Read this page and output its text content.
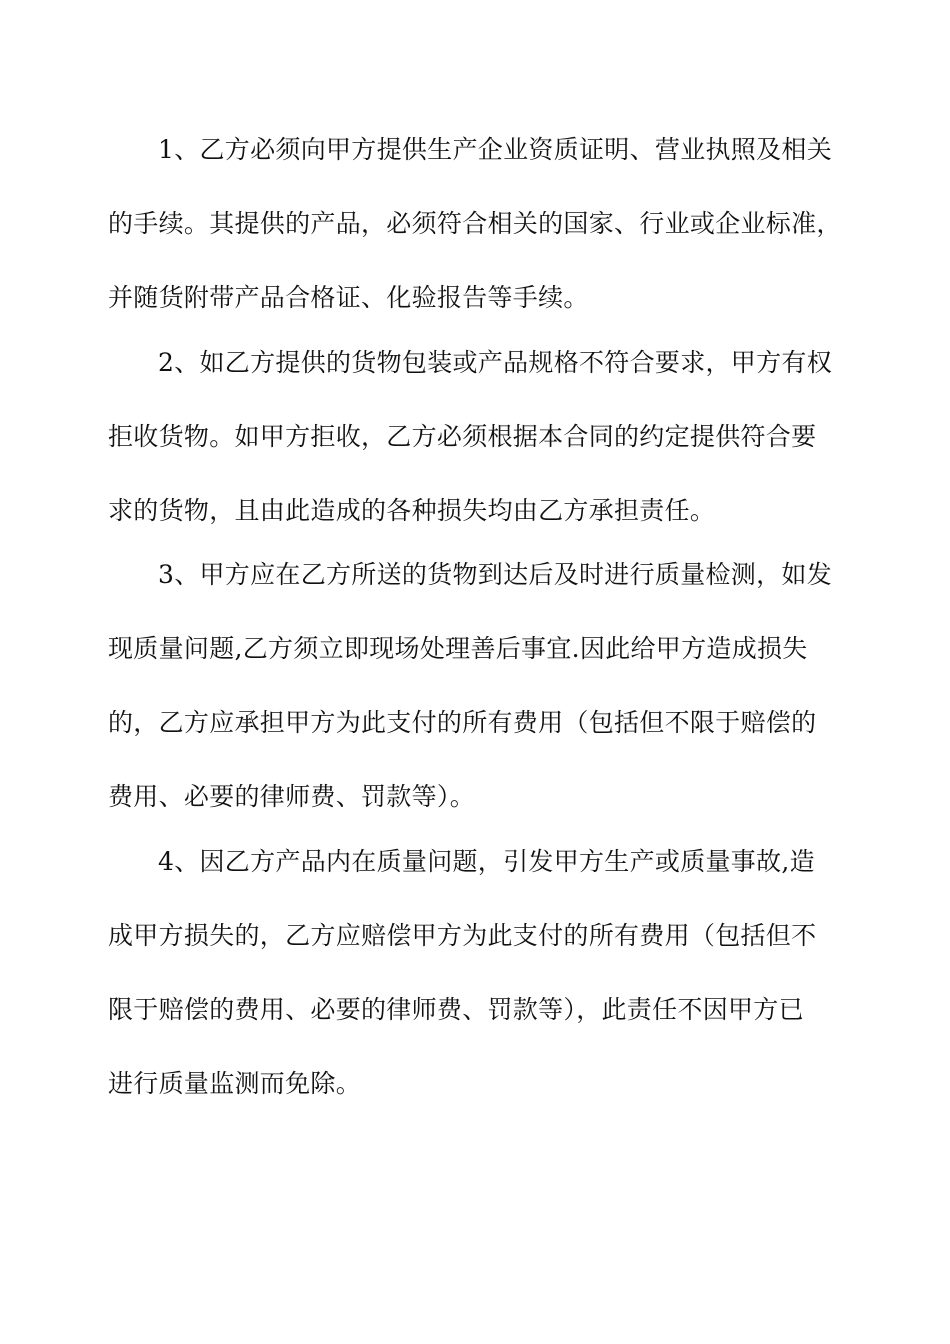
1、乙方必须向甲方提供生产企业资质证明、营业执照及相关
的手续。其提供的产品，必须符合相关的国家、行业或企业标准，
并随货附带产品合格证、化验报告等手续。
2、如乙方提供的货物包装或产品规格不符合要求，甲方有权
拒收货物。如甲方拒收，乙方必须根据本合同的约定提供符合要
求的货物，且由此造成的各种损失均由乙方承担责任。
3、甲方应在乙方所送的货物到达后及时进行质量检测，如发
现质量问题,乙方须立即现场处理善后事宜.因此给甲方造成损失
的，乙方应承担甲方为此支付的所有费用（包括但不限于赔偿的
费用、必要的律师费、罚款等）。
4、因乙方产品内在质量问题，引发甲方生产或质量事故,造
成甲方损失的，乙方应赔偿甲方为此支付的所有费用（包括但不
限于赔偿的费用、必要的律师费、罚款等），此责任不因甲方已
进行质量监测而免除。
